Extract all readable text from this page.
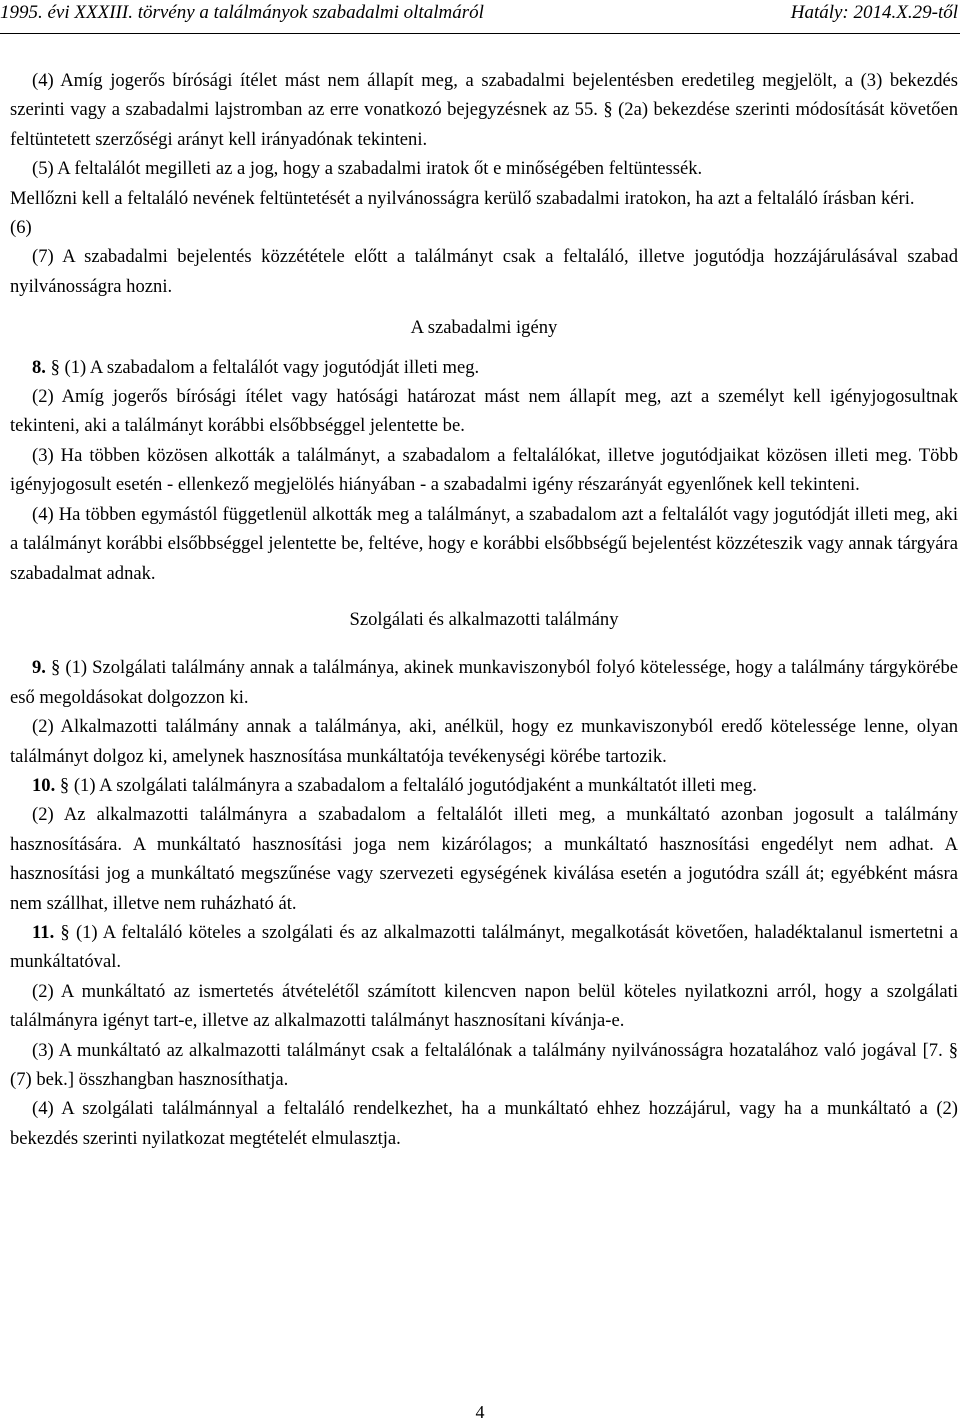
1995. évi XXXIII. törvény a találmányok szabadalmi oltalmáról	Hatály: 2014.X.29-től

(4) Amíg jogerős bírósági ítélet mást nem állapít meg, a szabadalmi bejelentésben eredetileg megjelölt, a (3) bekezdés szerinti vagy a szabadalmi lajstromban az erre vonatkozó bejegyzésnek az 55. § (2a) bekezdése szerinti módosítását követően feltüntetett szerzőségi arányt kell irányadónak tekinteni.

(5) A feltalálót megilleti az a jog, hogy a szabadalmi iratok őt e minőségében feltüntessék.

Mellőzni kell a feltaláló nevének feltüntetését a nyilvánosságra kerülő szabadalmi iratokon, ha azt a feltaláló írásban kéri.

(6)

(7) A szabadalmi bejelentés közzététele előtt a találmányt csak a feltaláló, illetve jogutódja hozzájárulásával szabad nyilvánosságra hozni.

A szabadalmi igény

8. § (1) A szabadalom a feltalálót vagy jogutódját illeti meg.

(2) Amíg jogerős bírósági ítélet vagy hatósági határozat mást nem állapít meg, azt a személyt kell igényjogosultnak tekinteni, aki a találmányt korábbi elsőbbséggel jelentette be.

(3) Ha többen közösen alkották a találmányt, a szabadalom a feltalálókat, illetve jogutódjaikat közösen illeti meg. Több igényjogosult esetén - ellenkező megjelölés hiányában - a szabadalmi igény részarányát egyenlőnek kell tekinteni.

(4) Ha többen egymástól függetlenül alkották meg a találmányt, a szabadalom azt a feltalálót vagy jogutódját illeti meg, aki a találmányt korábbi elsőbbséggel jelentette be, feltéve, hogy e korábbi elsőbbségű bejelentést közzéteszik vagy annak tárgyára szabadalmat adnak.

Szolgálati és alkalmazotti találmány

9. § (1) Szolgálati találmány annak a találmánya, akinek munkaviszonyból folyó kötelessége, hogy a találmány tárgykörébe eső megoldásokat dolgozzon ki.

(2) Alkalmazotti találmány annak a találmánya, aki, anélkül, hogy ez munkaviszonyból eredő kötelessége lenne, olyan találmányt dolgoz ki, amelynek hasznosítása munkáltatója tevékenységi körébe tartozik.

10. § (1) A szolgálati találmányra a szabadalom a feltaláló jogutódjaként a munkáltatót illeti meg.

(2) Az alkalmazotti találmányra a szabadalom a feltalálót illeti meg, a munkáltató azonban jogosult a találmány hasznosítására. A munkáltató hasznosítási joga nem kizárólagos; a munkáltató hasznosítási engedélyt nem adhat. A hasznosítási jog a munkáltató megszűnése vagy szervezeti egységének kiválása esetén a jogutódra száll át; egyébként másra nem szállhat, illetve nem ruházható át.

11. § (1) A feltaláló köteles a szolgálati és az alkalmazotti találmányt, megalkotását követően, haladéktalanul ismertetni a munkáltatóval.

(2) A munkáltató az ismertetés átvételétől számított kilencven napon belül köteles nyilatkozni arról, hogy a szolgálati találmányra igényt tart-e, illetve az alkalmazotti találmányt hasznosítani kívánja-e.

(3) A munkáltató az alkalmazotti találmányt csak a feltalálónak a találmány nyilvánosságra hozatalához való jogával [7. § (7) bek.] összhangban hasznosíthatja.

(4) A szolgálati találmánnyal a feltaláló rendelkezhet, ha a munkáltató ehhez hozzájárul, vagy ha a munkáltató a (2) bekezdés szerinti nyilatkozat megtételét elmulasztja.

4
